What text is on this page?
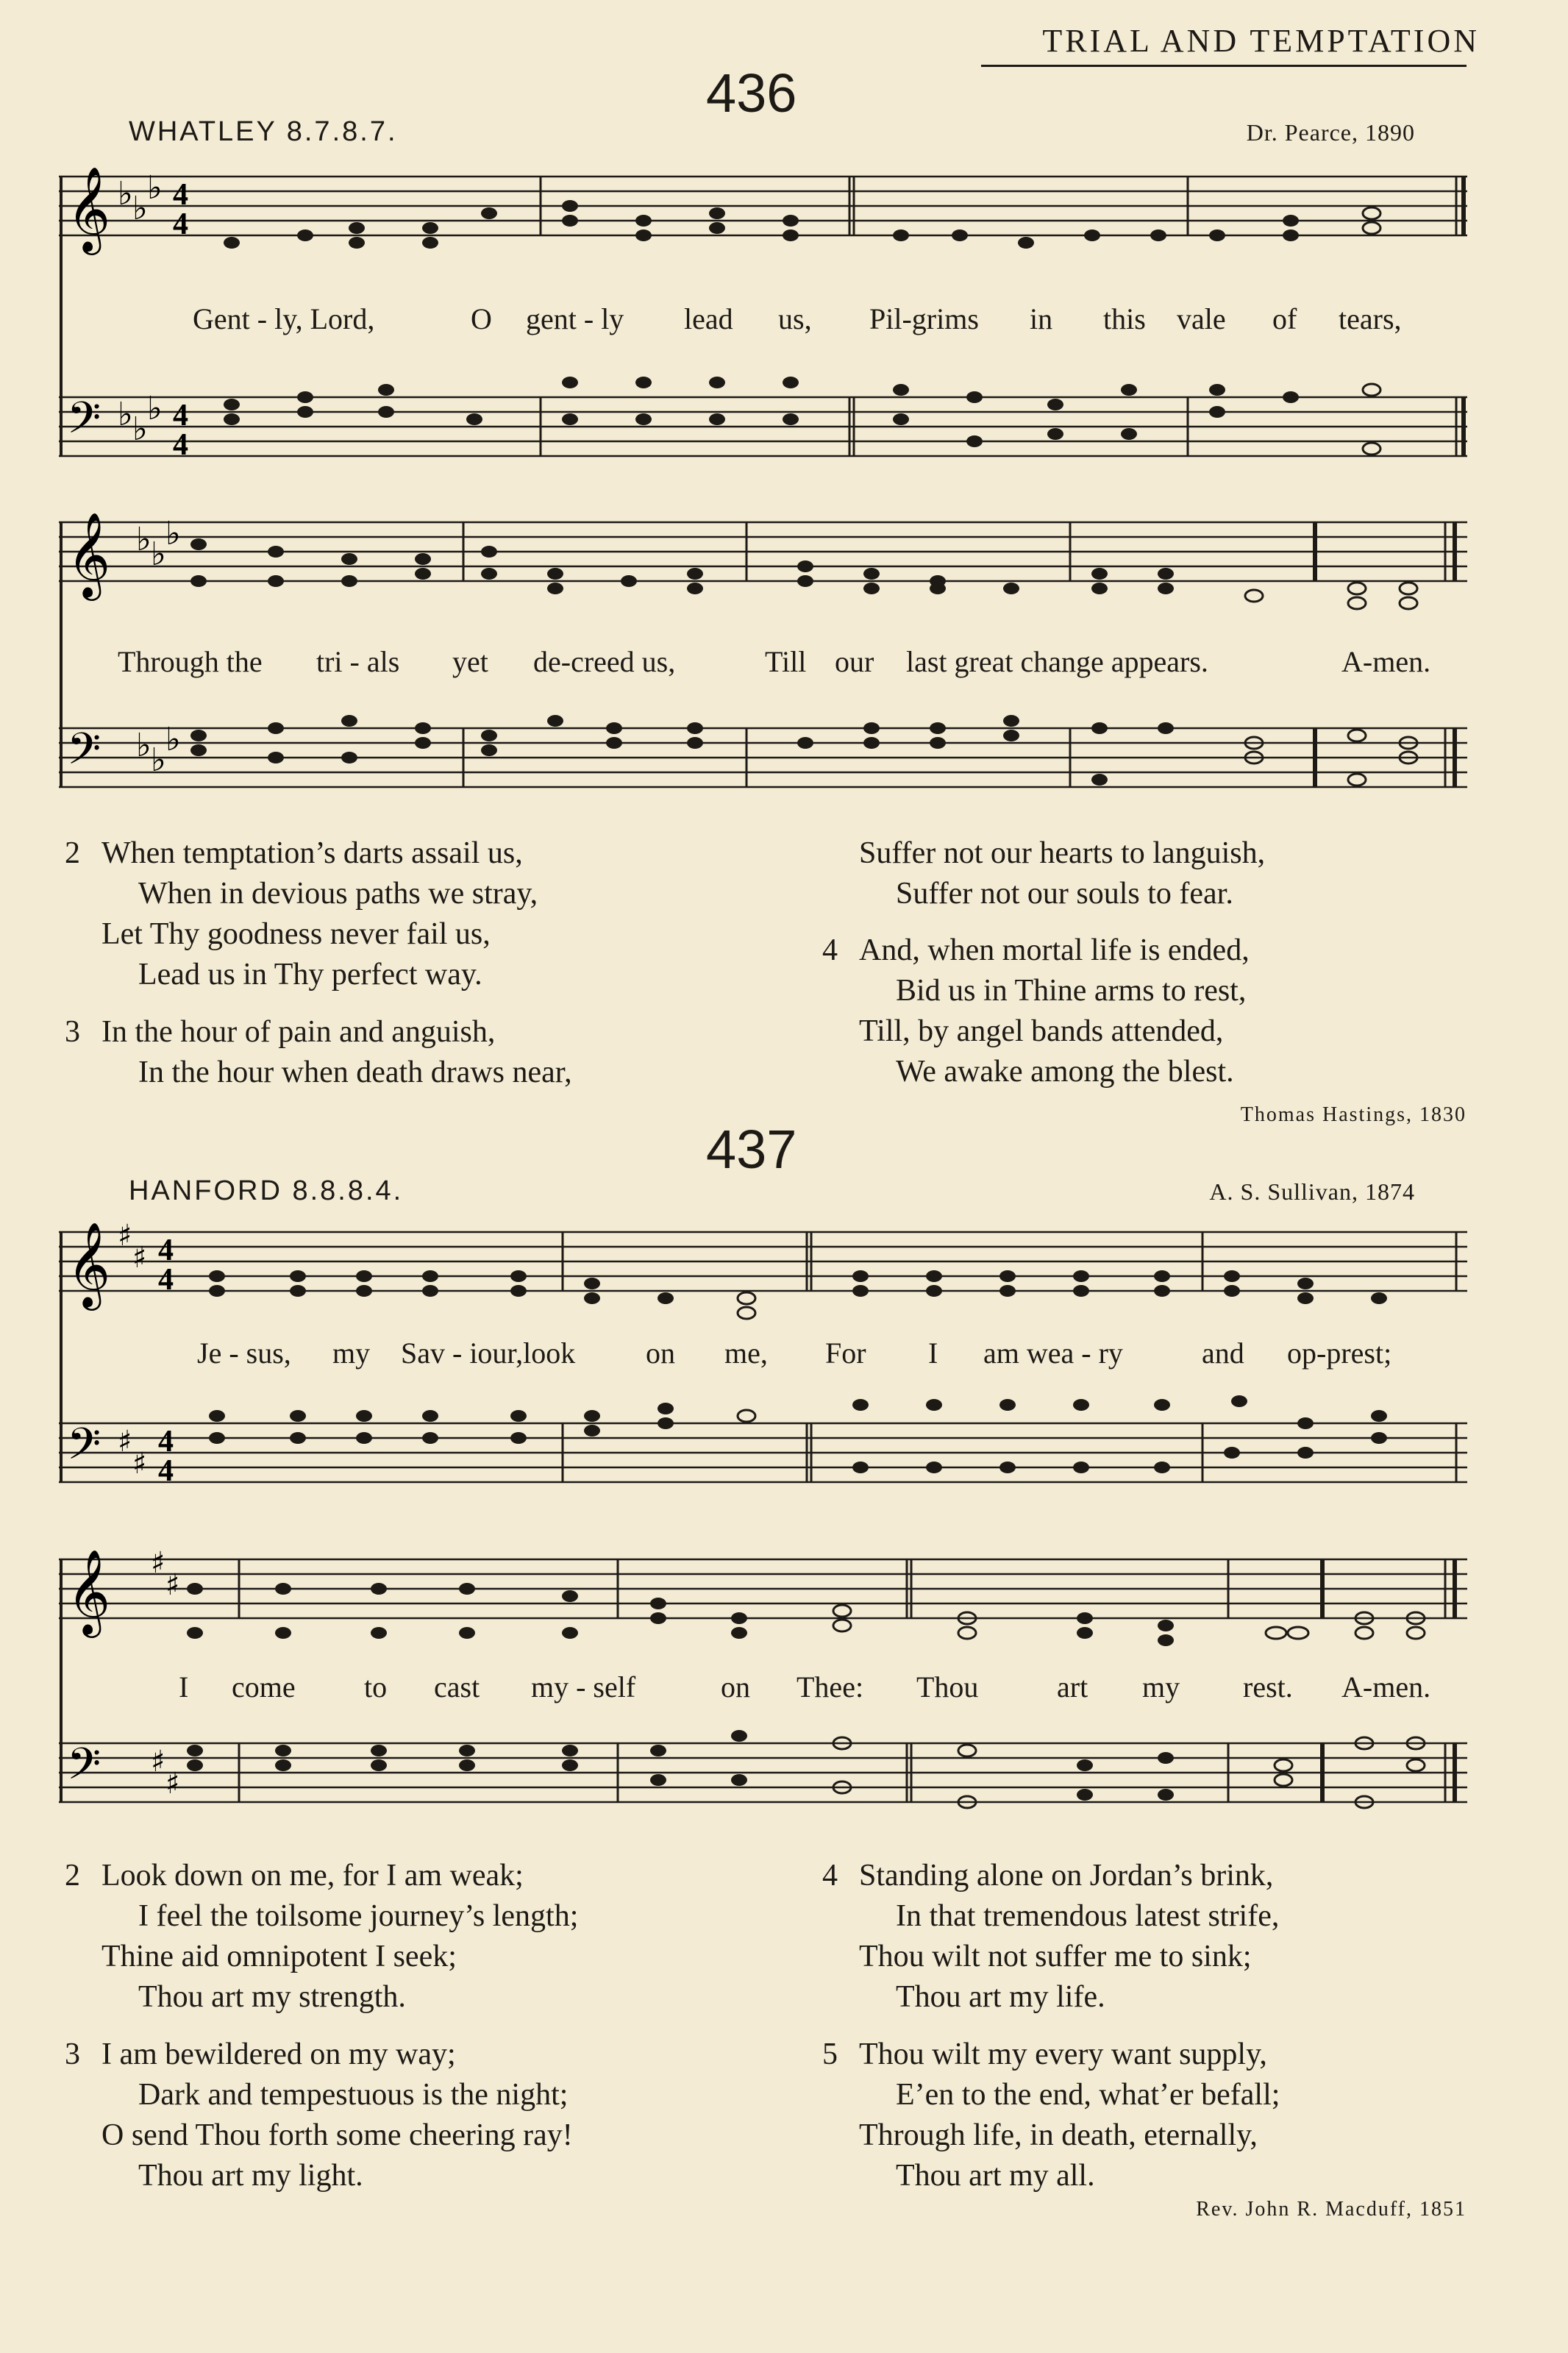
TRIAL AND TEMPTATION
436
WHATLEY 8.7.8.7.	Dr. Pearce, 1890
𝄞
𝄢
♭ ♭
♭
♭ ♭
♭
4
4
4
4
Gent - ly, Lord,	O gent - ly lead us, Pil-grims in this vale of tears,
𝄞
𝄢
♭ ♭
♭
♭ ♭
♭
Through the tri - als yet de-creed us,	Till our last great change appears.	A-men.
2 When temptation’s darts assail us,
When in devious paths we stray,
Let Thy goodness never fail us,
Lead us in Thy perfect way.
3 In the hour of pain and anguish,
In the hour when death draws near,
Suffer not our hearts to languish,
Suffer not our souls to fear.
4 And, when mortal life is ended,
Bid us in Thine arms to rest,
Till, by angel bands attended,
We awake among the blest.
Thomas Hastings, 1830
437
HANFORD 8.8.8.4.	A. S. Sullivan, 1874
𝄞
𝄢
♯
♯
♯
♯
4
4
4
4
Je - sus, my Sav - iour,look on me, For I am wea - ry	and op-prest;
𝄞
𝄢
♯
♯
♯
♯
I come to cast my - self	on Thee: Thou	art my rest. A-men.
2 Look down on me, for I am weak;
I feel the toilsome journey’s length;
Thine aid omnipotent I seek;
Thou art my strength.
3 I am bewildered on my way;
Dark and tempestuous is the night;
O send Thou forth some cheering ray!
Thou art my light.
4 Standing alone on Jordan’s brink,
In that tremendous latest strife,
Thou wilt not suffer me to sink;
Thou art my life.
5 Thou wilt my every want supply,
E’en to the end, what’er befall;
Through life, in death, eternally,
Thou art my all.
Rev. John R. Macduff, 1851
